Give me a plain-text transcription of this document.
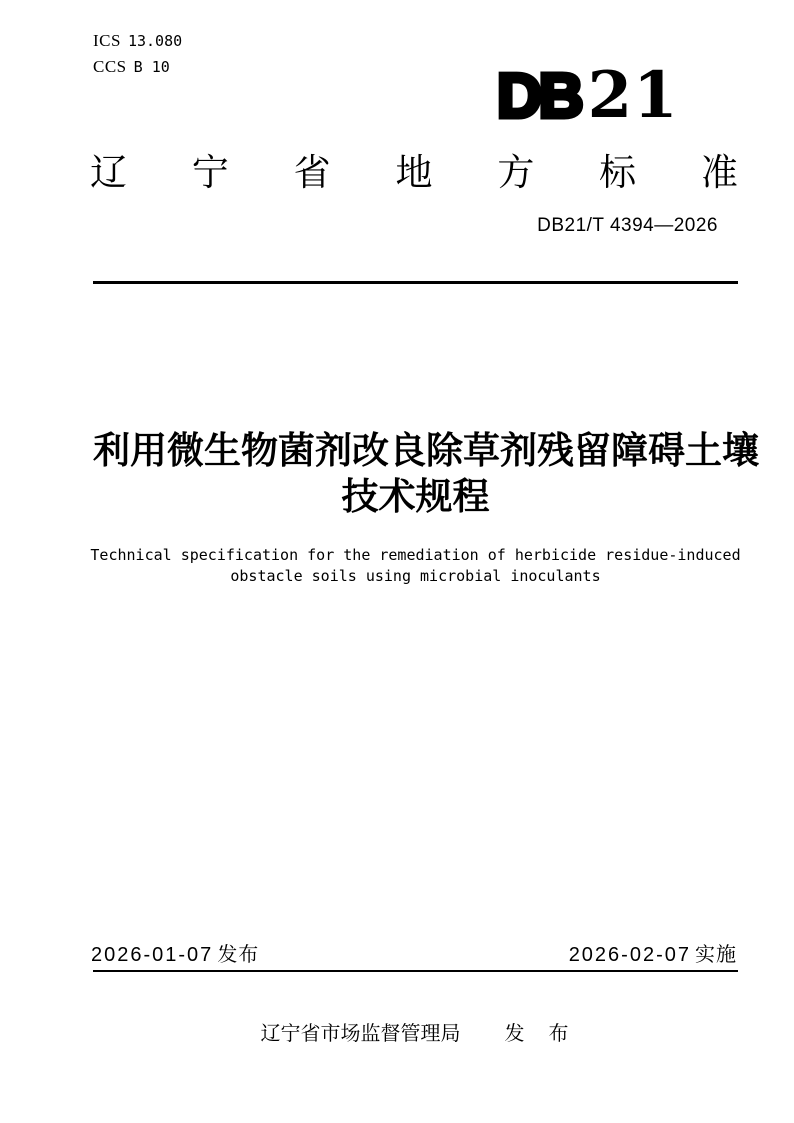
ICS 13.080
CCS B 10	DB 21
辽 宁 省 地 方 标 准
DB21/T 4394—2026
利用微生物菌剂改良除草剂残留障碍土壤
技术规程
Technical specification for the remediation of herbicide residue-induced
obstacle soils using microbial inoculants
2026-01-07 发布	2026-02-07 实施
辽宁省市场监督管理局 发　布
